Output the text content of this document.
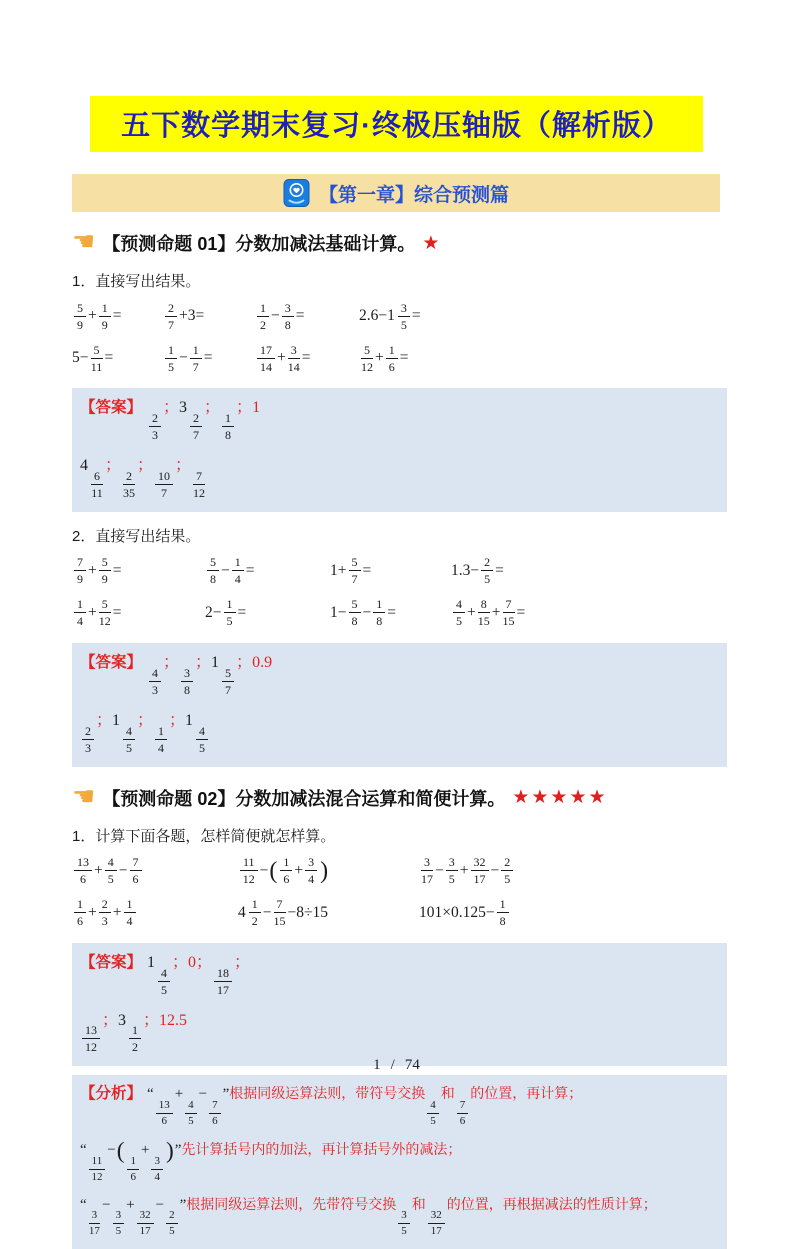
五下数学期末复习·终极压轴版（解析版）
【第一章】综合预测篇
☚ 【预测命题 01】分数加减法基础计算。 ★
1．直接写出结果。
$\frac{5}{9} + \frac{1}{9}$ =	$\frac{2}{7} +3=$	$\frac{1}{2} - \frac{3}{8}$ =	$2.6- 1 \frac{3}{5}$ =
$5- \frac{5}{11}$ =	$\frac{1}{5} - \frac{1}{7}$ =	$\frac{17}{14} + \frac{3}{14}$ =	$\frac{5}{12} + \frac{1}{6}$ =
【答案】
$\frac{2}{3}$
；3
$\frac{2}{7}$
；
$\frac{1}{8}$
；1
4
$\frac{6}{11}$
；
$\frac{2}{35}$
；
$\frac{10}{7}$
；
$\frac{7}{12}$
2．直接写出结果。
$\frac{7}{9} + \frac{5}{9}$ =	$\frac{5}{8} - \frac{1}{4}$ =	$1+ \frac{5}{7}$ =	$1.3- \frac{2}{5}$ =
$\frac{1}{4} + \frac{5}{12}$ =	$2- \frac{1}{5}$ =	$1- \frac{5}{8} - \frac{1}{8}$ =	$\frac{4}{5} + \frac{8}{15} + \frac{7}{15}$ =
【答案】
$\frac{4}{3}$
；
$\frac{3}{8}$
；1
$\frac{5}{7}$
；0.9
$\frac{2}{3}$
；1
$\frac{4}{5}$
；
$\frac{1}{4}$
；1
$\frac{4}{5}$
☚ 【预测命题 02】分数加减法混合运算和简便计算。 ★★★★★
1．计算下面各题，怎样简便就怎样算。
$\frac{13}{6} + \frac{4}{5} - \frac{7}{6}$	$\frac{11}{12}$ − ( $\frac{1}{6} + \frac{3}{4}$ )	$\frac{3}{17} - \frac{3}{5} + \frac{32}{17} - \frac{2}{5}$
$\frac{1}{6} + \frac{2}{3} + \frac{1}{4}$	$4 \frac{1}{2} - \frac{7}{15} -8\div 15$	$101\times 0.125- \frac{1}{8}$
【答案】 1
$\frac{4}{5}$
；0；
$\frac{18}{17}$
；
$\frac{13}{12}$
；3
$\frac{1}{2}$
；12.5
【分析】 “
$\frac{13}{6}$
+
$\frac{4}{5}$
−
$\frac{7}{6}$
”根据同级运算法则，带符号交换
$\frac{4}{5}$
和
$\frac{7}{6}$
的位置，再计算；
“
$\frac{11}{12}$
−(
$\frac{1}{6}$
+
$\frac{3}{4}$
)”先计算括号内的加法，再计算括号外的减法；
“
$\frac{3}{17}$
−
$\frac{3}{5}$
+
$\frac{32}{17}$
−
$\frac{2}{5}$
”根据同级运算法则，先带符号交换
$\frac{3}{5}$
和
$\frac{32}{17}$
的位置，再根据减法的性质计算；
1 / 74
